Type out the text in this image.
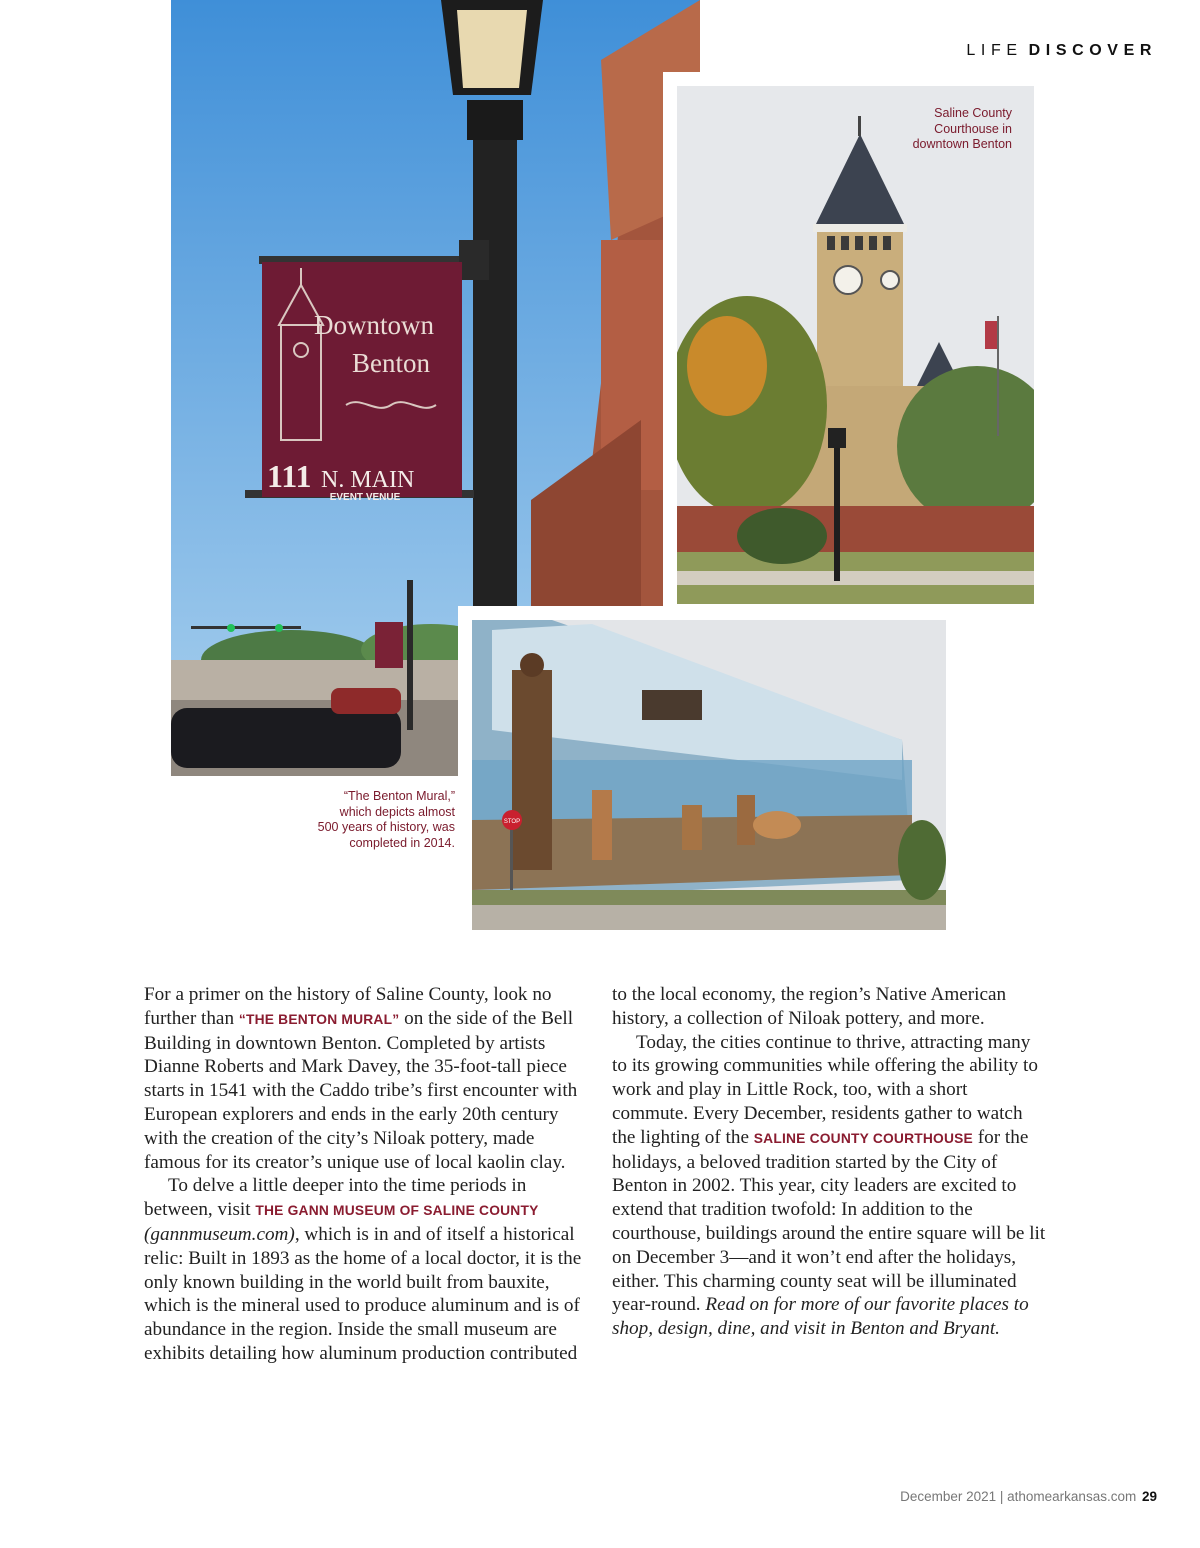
LIFE DISCOVER
Downtown
Benton
111 N. MAIN
EVENT VENUE
Saline County
Courthouse in
downtown Benton
STOP
“The Benton Mural,”
which depicts almost
500 years of history, was
completed in 2014.

For a primer on the history of Saline County, look no further than “THE BENTON MURAL” on the side of the Bell Building in downtown Benton. Completed by artists Dianne Roberts and Mark Davey, the 35-foot-tall piece starts in 1541 with the Caddo tribe’s first encounter with European explorers and ends in the early 20th century with the creation of the city’s Niloak pottery, made famous for its creator’s unique use of local kaolin clay.

To delve a little deeper into the time periods in between, visit THE GANN MUSEUM OF SALINE COUNTY (gannmuseum.com), which is in and of itself a historical relic: Built in 1893 as the home of a local doctor, it is the only known building in the world built from bauxite, which is the mineral used to produce aluminum and is of abundance in the region. Inside the small museum are exhibits detailing how aluminum production contributed

to the local economy, the region’s Native American history, a collection of Niloak pottery, and more.

Today, the cities continue to thrive, attracting many to its growing communities while offering the ability to work and play in Little Rock, too, with a short commute. Every December, residents gather to watch the lighting of the SALINE COUNTY COURTHOUSE for the holidays, a beloved tradition started by the City of Benton in 2002. This year, city leaders are excited to extend that tradition twofold: In addition to the courthouse, buildings around the entire square will be lit on December 3—and it won’t end after the holidays, either. This charming county seat will be illuminated year-round. Read on for more of our favorite places to shop, design, dine, and visit in Benton and Bryant.

December 2021 | athomearkansas.com 29
